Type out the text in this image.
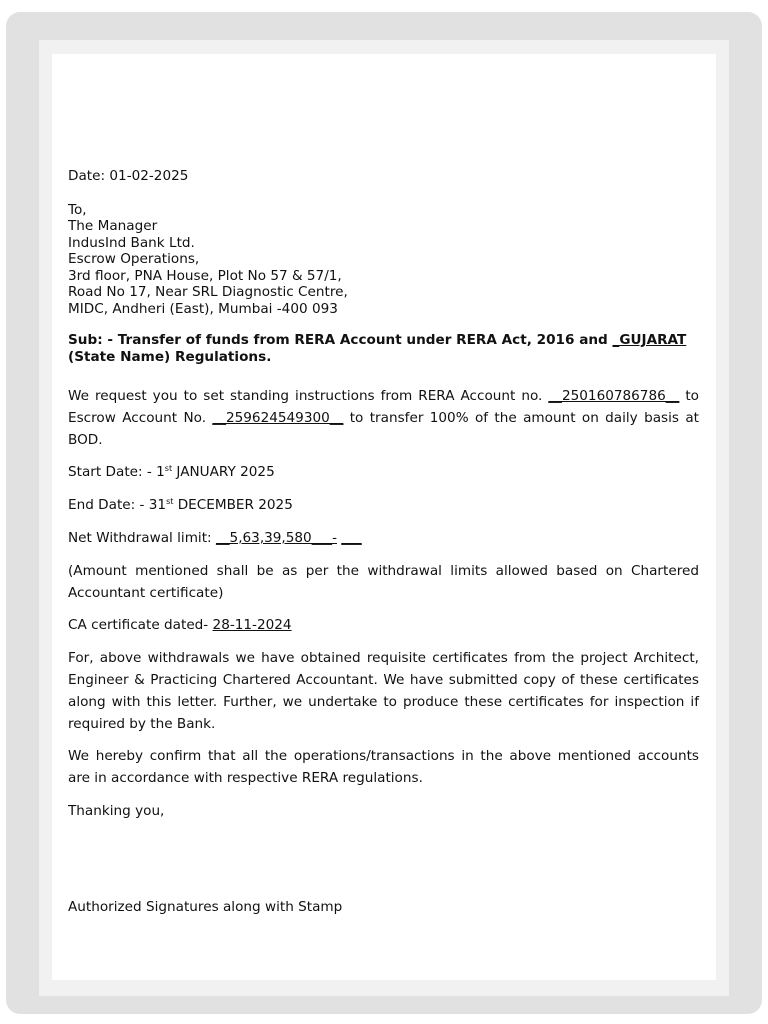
Date: 01-02-2025

To,
The Manager
IndusInd Bank Ltd.
Escrow Operations,
3rd floor, PNA House, Plot No 57 & 57/1,
Road No 17, Near SRL Diagnostic Centre,
MIDC, Andheri (East), Mumbai -400 093

Sub: - Transfer of funds from RERA Account under RERA Act, 2016 and _GUJARAT (State Name) Regulations.

We request you to set standing instructions from RERA Account no. __250160786786__ to Escrow Account No. __259624549300__ to transfer 100% of the amount on daily basis at BOD.

Start Date: - 1st JANUARY 2025

End Date: - 31st DECEMBER 2025

Net Withdrawal limit: __5,63,39,580___- ___

(Amount mentioned shall be as per the withdrawal limits allowed based on Chartered Accountant certificate)

CA certificate dated- 28-11-2024

For, above withdrawals we have obtained requisite certificates from the project Architect, Engineer & Practicing Chartered Accountant. We have submitted copy of these certificates along with this letter. Further, we undertake to produce these certificates for inspection if required by the Bank.

We hereby confirm that all the operations/transactions in the above mentioned accounts are in accordance with respective RERA regulations.

Thanking you,

Authorized Signatures along with Stamp
